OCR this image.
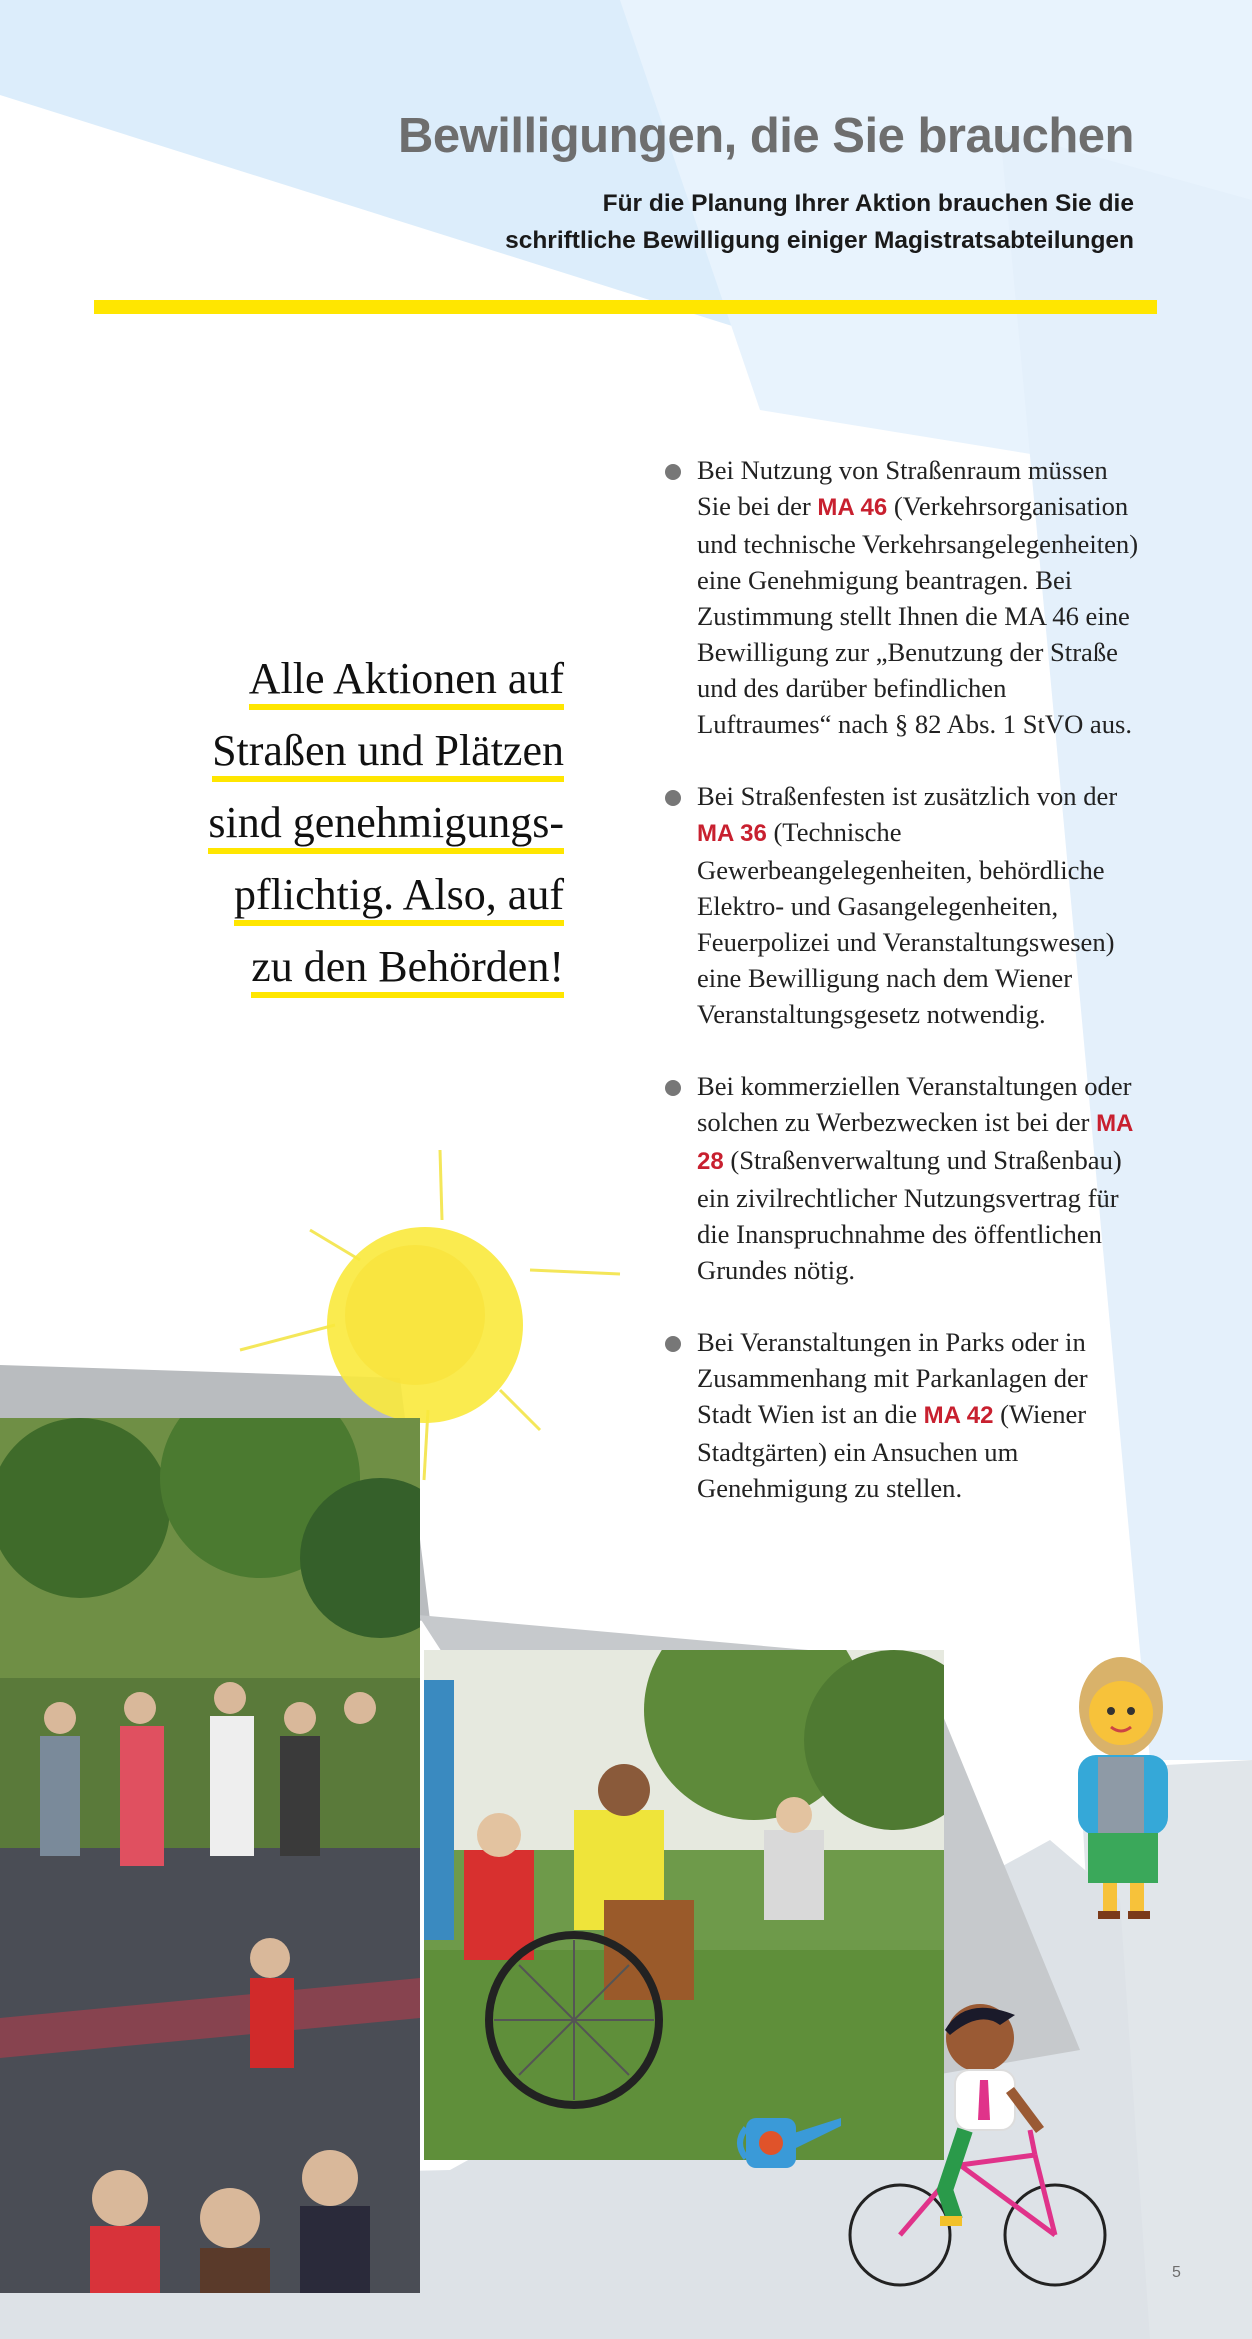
Bewilligungen, die Sie brauchen
Für die Planung Ihrer Aktion brauchen Sie die
schriftliche Bewilligung einiger Magistratsabteilungen
Alle Aktionen auf
Straßen und Plätzen
sind genehmigungs-
pflichtig. Also, auf
zu den Behörden!
Bei Nutzung von Straßenraum müssen Sie bei der MA 46 (Verkehrsorganisation und technische Verkehrsangelegenheiten) eine Genehmigung beantragen. Bei Zustimmung stellt Ihnen die MA 46 eine Bewilligung zur „Benutzung der Straße und des darüber befindlichen Luftraumes“ nach § 82 Abs. 1 StVO aus.
Bei Straßenfesten ist zusätzlich von der MA 36 (Technische Gewerbeangelegenheiten, behördliche Elektro- und Gasangelegenheiten, Feuerpolizei und Veranstaltungswesen) eine Bewilligung nach dem Wiener Veranstaltungsgesetz notwendig.
Bei kommerziellen Veranstaltungen oder solchen zu Werbezwecken ist bei der MA 28 (Straßenverwaltung und Straßenbau) ein zivilrechtlicher Nutzungsvertrag für die Inanspruchnahme des öffentlichen Grundes nötig.
Bei Veranstaltungen in Parks oder in Zusammenhang mit Parkanlagen der Stadt Wien ist an die MA 42 (Wiener Stadtgärten) ein Ansuchen um Genehmigung zu stellen.
5
